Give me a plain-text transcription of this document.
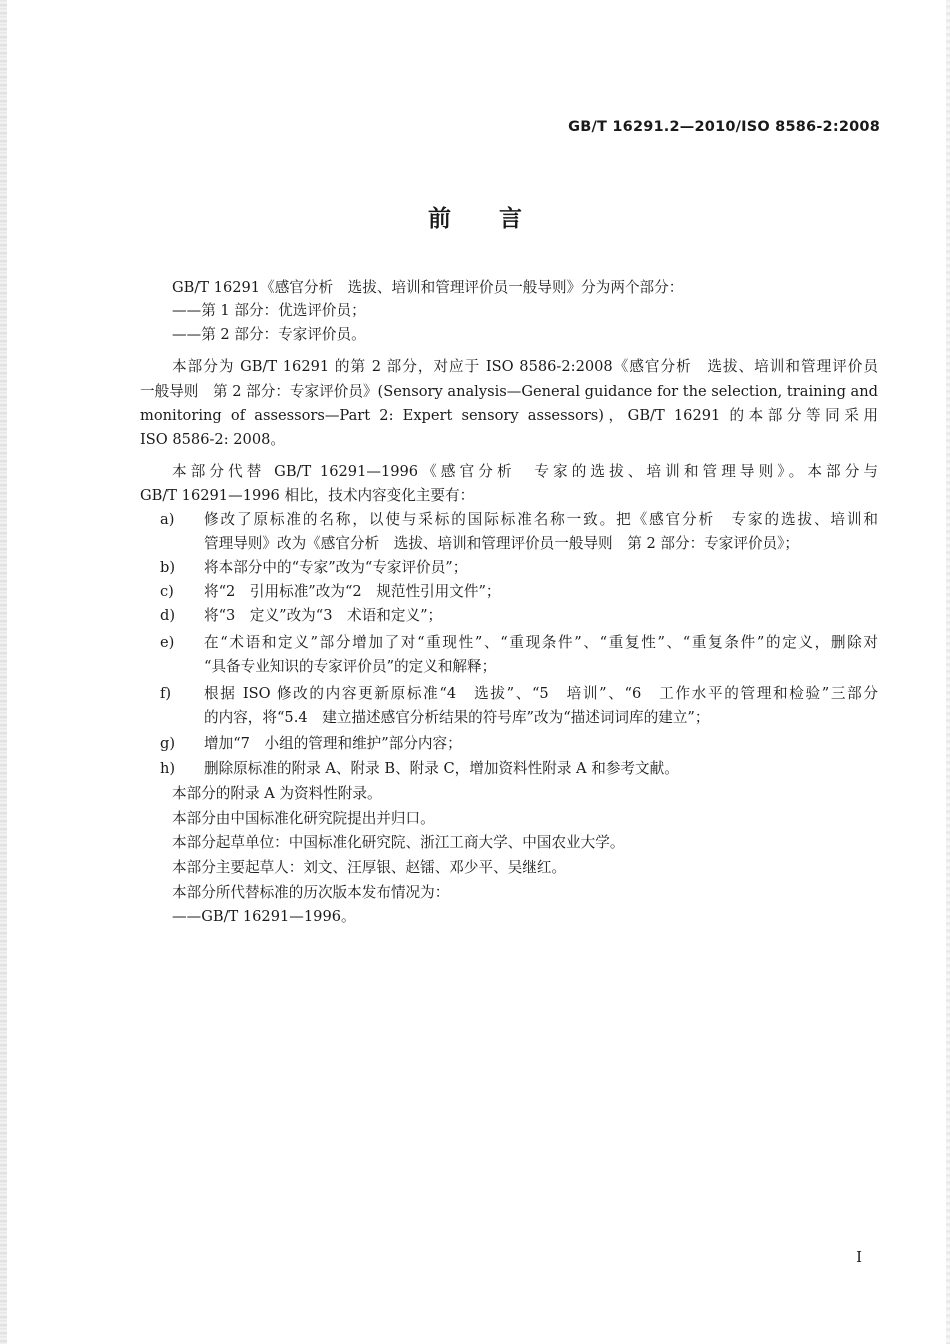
GB/T 16291.2—2010/ISO 8586-2:2008
前言
GB/T 16291《感官分析　选拔、培训和管理评价员一般导则》分为两个部分：
——第 1 部分：优选评价员；
——第 2 部分：专家评价员。
本部分为 GB/T 16291 的第 2 部分，对应于 ISO 8586-2:2008《感官分析　选拔、培训和管理评价员
一般导则　第 2 部分：专家评价员》(Sensory analysis—General guidance for the selection, training and
monitoring of assessors—Part 2: Expert sensory assessors)，GB/T 16291 的本部分等同采用
ISO 8586-2: 2008。
本部分代替 GB/T 16291—1996《感官分析　专家的选拔、培训和管理导则》。本部分与
GB/T 16291—1996 相比，技术内容变化主要有：
a) 修改了原标准的名称，以使与采标的国际标准名称一致。把《感官分析　专家的选拔、培训和
管理导则》改为《感官分析　选拔、培训和管理评价员一般导则　第 2 部分：专家评价员》；
b) 将本部分中的“专家”改为“专家评价员”；
c) 将“2　引用标准”改为“2　规范性引用文件”；
d) 将“3　定义”改为“3　术语和定义”；
e) 在“术语和定义”部分增加了对“重现性”、“重现条件”、“重复性”、“重复条件”的定义，删除对
“具备专业知识的专家评价员”的定义和解释；
f) 根据 ISO 修改的内容更新原标准“4　选拔”、“5　培训”、“6　工作水平的管理和检验”三部分
的内容，将“5.4　建立描述感官分析结果的符号库”改为“描述词词库的建立”；
g) 增加“7　小组的管理和维护”部分内容；
h) 删除原标准的附录 A、附录 B、附录 C，增加资料性附录 A 和参考文献。
本部分的附录 A 为资料性附录。
本部分由中国标准化研究院提出并归口。
本部分起草单位：中国标准化研究院、浙江工商大学、中国农业大学。
本部分主要起草人：刘文、汪厚银、赵镭、邓少平、吴继红。
本部分所代替标准的历次版本发布情况为：
——GB/T 16291—1996。
I
